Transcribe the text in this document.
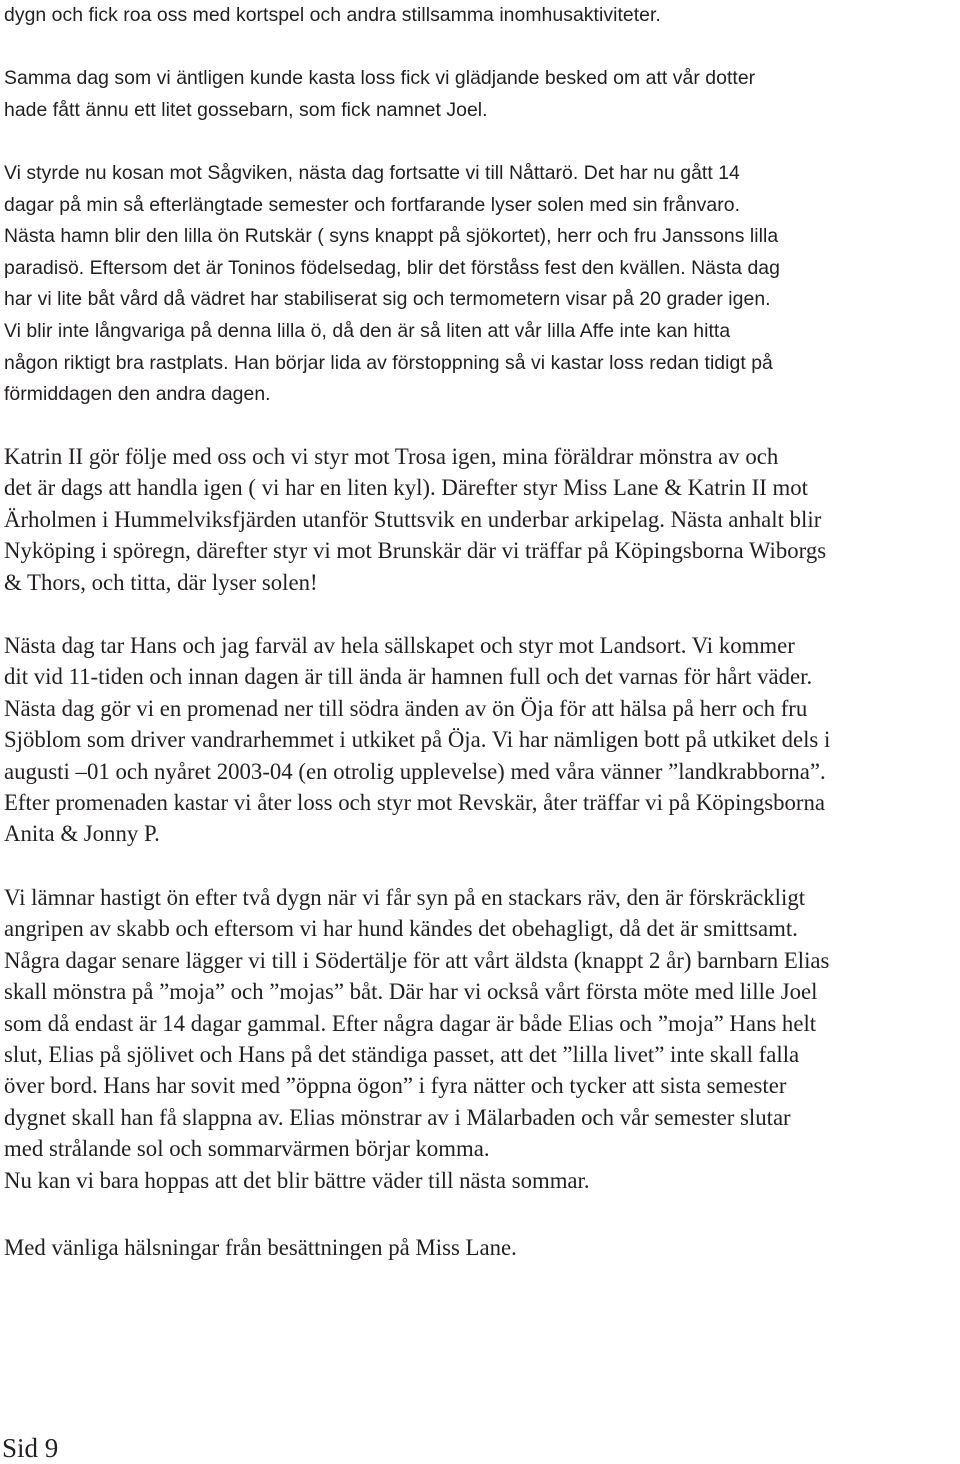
dygn och fick roa oss med kortspel och andra stillsamma inomhusaktiviteter.
Samma dag som vi äntligen kunde kasta loss fick vi glädjande besked om att vår dotter
hade fått ännu ett litet gossebarn, som fick namnet Joel.
Vi styrde nu kosan mot Sågviken, nästa dag fortsatte vi till Nåttarö. Det har nu gått 14
dagar på min så efterlängtade semester och fortfarande lyser solen med sin frånvaro.
Nästa hamn blir den lilla ön Rutskär ( syns knappt på sjökortet), herr och fru Janssons lilla
paradisö. Eftersom det är Toninos födelsedag, blir det förståss fest den kvällen. Nästa dag
har vi lite båt vård då vädret har stabiliserat sig och termometern visar på 20 grader igen.
Vi blir inte långvariga på denna lilla ö, då den är så liten att vår lilla Affe inte kan hitta
någon riktigt bra rastplats. Han börjar lida av förstoppning så vi kastar loss redan tidigt på
förmiddagen den andra dagen.
Katrin II gör följe med oss och vi styr mot Trosa igen, mina föräldrar mönstra av och
det är dags att handla igen ( vi har en liten kyl). Därefter styr Miss Lane & Katrin II mot
Ärholmen i Hummelviksfjärden utanför Stuttsvik en underbar arkipelag. Nästa anhalt blir
Nyköping i spöregn, därefter styr vi mot Brunskär där vi träffar på Köpingsborna Wiborgs
& Thors, och titta, där lyser solen!
Nästa dag tar Hans och jag farväl av hela sällskapet och styr mot Landsort. Vi kommer
dit vid 11-tiden och innan dagen är till ända är hamnen full och det varnas för hårt väder.
Nästa dag gör vi en promenad ner till södra änden av ön Öja för att hälsa på herr och fru
Sjöblom som driver vandrarhemmet i utkiket på Öja. Vi har nämligen bott på utkiket dels i
augusti –01 och nyåret 2003-04 (en otrolig upplevelse) med våra vänner ”landkrabborna”.
Efter promenaden kastar vi åter loss och styr mot Revskär, åter träffar vi på Köpingsborna
Anita & Jonny P.
Vi lämnar hastigt ön efter två dygn när vi får syn på en stackars räv, den är förskräckligt
angripen av skabb och eftersom vi har hund kändes det obehagligt, då det är smittsamt.
Några dagar senare lägger vi till i Södertälje för att vårt äldsta (knappt 2 år) barnbarn Elias
skall mönstra på ”moja” och ”mojas” båt. Där har vi också vårt första möte med lille Joel
som då endast är 14 dagar gammal. Efter några dagar är både Elias och ”moja” Hans helt
slut, Elias på sjölivet och Hans på det ständiga passet, att det ”lilla livet” inte skall falla
över bord. Hans har sovit med ”öppna ögon” i fyra nätter och tycker att sista semester
dygnet skall han få slappna av. Elias mönstrar av i Mälarbaden och vår semester slutar
med strålande sol och sommarvärmen börjar komma.
Nu kan vi bara hoppas att det blir bättre väder till nästa sommar.
Med vänliga hälsningar från besättningen på Miss Lane.
Sid 9
